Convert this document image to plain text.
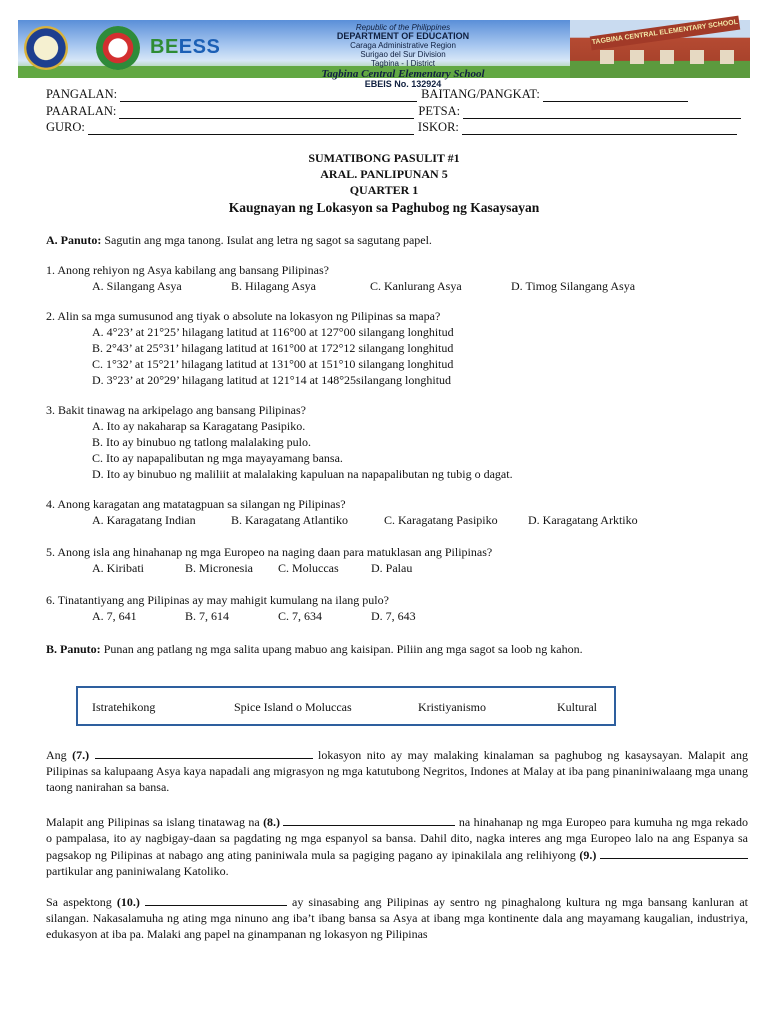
BEESS
Republic of the Philippines
DEPARTMENT OF EDUCATION
Caraga Administrative Region
Surigao del Sur Division
Tagbina - I District
Tagbina Central Elementary School
EBEIS No. 132924
TAGBINA CENTRAL ELEMENTARY SCHOOL
PANGALAN:	BAITANG/PANGKAT:
PAARALAN:	PETSA:
GURO:	ISKOR:
SUMATIBONG PASULIT #1
ARAL. PANLIPUNAN 5
QUARTER 1
Kaugnayan ng Lokasyon sa Paghubog ng Kasaysayan

A. Panuto: Sagutin ang mga tanong. Isulat ang letra ng sagot sa sagutang papel.

1. Anong rehiyon ng Asya kabilang ang bansang Pilipinas?
A. Silangang Asya	B. Hilagang Asya	C. Kanlurang Asya	D. Timog Silangang Asya
2. Alin sa mga sumusunod ang tiyak o absolute na lokasyon ng Pilipinas sa mapa?
A. 4°23’ at 21°25’ hilagang latitud at 116°00 at 127°00 silangang longhitud
B. 2°43’ at 25°31’ hilagang latitud at 161°00 at 172°12 silangang longhitud
C. 1°32’ at 15°21’ hilagang latitud at 131°00 at 151°10 silangang longhitud
D. 3°23’ at 20°29’ hilagang latitud at 121°14 at 148°25silangang longhitud
3. Bakit tinawag na arkipelago ang bansang Pilipinas?
A. Ito ay nakaharap sa Karagatang Pasipiko.
B. Ito ay binubuo ng tatlong malalaking pulo.
C. Ito ay napapalibutan ng mga mayayamang bansa.
D. Ito ay binubuo ng maliliit at malalaking kapuluan na napapalibutan ng tubig o dagat.
4. Anong karagatan ang matatagpuan sa silangan ng Pilipinas?
A. Karagatang Indian	B. Karagatang Atlantiko	C. Karagatang Pasipiko	D. Karagatang Arktiko
5. Anong isla ang hinahanap ng mga Europeo na naging daan para matuklasan ang Pilipinas?
A. Kiribati	B. Micronesia	C. Moluccas	D. Palau
6. Tinatantiyang ang Pilipinas ay may mahigit kumulang na ilang pulo?
A. 7, 641	B. 7, 614	C. 7, 634	D. 7, 643

B. Panuto: Punan ang patlang ng mga salita upang mabuo ang kaisipan. Piliin ang mga sagot sa loob ng kahon.

Istratehikong	Spice Island o Moluccas	Kristiyanismo	Kultural
Ang (7.)	lokasyon nito ay may malaking kinalaman sa paghubog ng kasaysayan. Malapit ang Pilipinas sa kalupaang Asya kaya napadali ang migrasyon ng mga katutubong Negritos, Indones at Malay at iba pang pinaniniwalaang mga unang taong nanirahan sa bansa.
Malapit ang Pilipinas sa islang tinatawag na (8.)	na hinahanap ng mga Europeo para kumuha ng mga rekado o pampalasa, ito ay nagbigay-daan sa pagdating ng mga espanyol sa bansa. Dahil dito, nagka interes ang mga Europeo lalo na ang Espanya sa pagsakop ng Pilipinas at nabago ang ating paniniwala mula sa pagiging pagano ay ipinakilala ang relihiyong (9.)  partikular ang paniniwalang Katoliko.
Sa aspektong (10.)	ay sinasabing ang Pilipinas ay sentro ng pinaghalong kultura ng mga bansang kanluran at silangan. Nakasalamuha ng ating mga ninuno ang iba’t ibang bansa sa Asya at ibang mga kontinente dala ang mayamang kaugalian, industriya, edukasyon at iba pa. Malaki ang papel na ginampanan ng lokasyon ng Pilipinas
